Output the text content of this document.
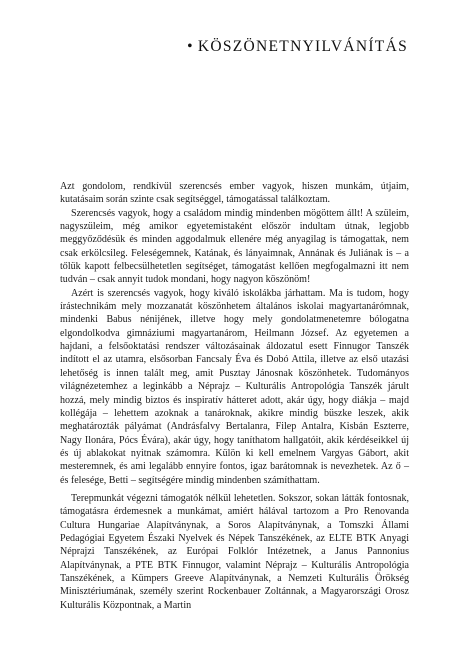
• KÖSZÖNETNYILVÁNÍTÁS

Azt gondolom, rendkívül szerencsés ember vagyok, hiszen munkám, útjaim, kutatásaim során szinte csak segítséggel, támogatással találkoztam.

Szerencsés vagyok, hogy a családom mindig mindenben mögöttem állt! A szüleim, nagyszüleim, még amikor egyetemistaként először indultam útnak, legjobb meggyőződésük és minden aggodalmuk ellenére még anyagilag is támogattak, nem csak erkölcsileg. Feleségemnek, Katának, és lányaimnak, Annának és Juliának is – a tőlük kapott felbecsülhetetlen segítséget, támogatást kellően megfogalmazni itt nem tudván – csak annyit tudok mondani, hogy nagyon köszönöm!

Azért is szerencsés vagyok, hogy kiváló iskolákba járhattam. Ma is tudom, hogy írástechnikám mely mozzanatát köszönhetem általános iskolai magyartanárómnak, mindenki Babus nénijének, illetve hogy mely gondolatmenetemre bólogatna elgondolkodva gimnáziumi magyartanárom, Heilmann József. Az egyetemen a hajdani, a felsőoktatási rendszer változásainak áldozatul esett Finnugor Tanszék indított el az utamra, elsősorban Fancsaly Éva és Dobó Attila, illetve az első utazási lehetőség is innen talált meg, amit Pusztay Jánosnak köszönhetek. Tudományos világnézetemhez a leginkább a Néprajz – Kulturális Antropológia Tanszék járult hozzá, mely mindig biztos és inspiratív hátteret adott, akár úgy, hogy diákja – majd kollégája – lehettem azoknak a tanároknak, akikre mindig büszke leszek, akik meghatározták pályámat (Andrásfalvy Bertalanra, Filep Antalra, Kisbán Eszterre, Nagy Ilonára, Pócs Évára), akár úgy, hogy taníthatom hallgatóit, akik kérdéseikkel új és új ablakokat nyitnak számomra. Külön ki kell emelnem Vargyas Gábort, akit mesteremnek, és ami legalább ennyire fontos, igaz barátomnak is nevezhetek. Az ő – és felesége, Betti – segítségére mindig mindenben számíthattam.

Terepmunkát végezni támogatók nélkül lehetetlen. Sokszor, sokan látták fontosnak, támogatásra érdemesnek a munkámat, amiért hálával tartozom a Pro Renovanda Cultura Hungariae Alapítványnak, a Soros Alapítványnak, a Tomszki Állami Pedagógiai Egyetem Északi Nyelvek és Népek Tanszékének, az ELTE BTK Anyagi Néprajzi Tanszékének, az Európai Folklór Intézetnek, a Janus Pannonius Alapítványnak, a PTE BTK Finnugor, valamint Néprajz – Kulturális Antropológia Tanszékének, a Kümpers Greeve Alapítványnak, a Nemzeti Kulturális Örökség Minisztériumának, személy szerint Rockenbauer Zoltánnak, a Magyarországi Orosz Kulturális Központnak, a Martin
